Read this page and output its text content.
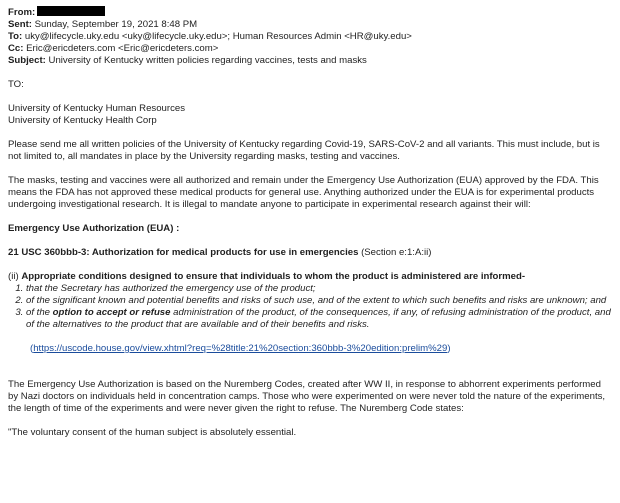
From:

Sent: Sunday, September 19, 2021 8:48 PM

To: uky@lifecycle.uky.edu <uky@lifecycle.uky.edu>; Human Resources Admin <HR@uky.edu>

Cc: Eric@ericdeters.com <Eric@ericdeters.com>

Subject: University of Kentucky written policies regarding vaccines, tests and masks

TO:

University of Kentucky Human Resources

University of Kentucky Health Corp

Please send me all written policies of the University of Kentucky regarding Covid-19, SARS-CoV-2 and all variants. This must include, but is not limited to, all mandates in place by the University regarding masks, testing and vaccines.

The masks, testing and vaccines were all authorized and remain under the Emergency Use Authorization (EUA) approved by the FDA. This means the FDA has not approved these medical products for general use. Anything authorized under the EUA is for experimental products undergoing investigational research. It is illegal to mandate anyone to participate in experimental research against their will:

Emergency Use Authorization (EUA) :

21 USC 360bbb-3: Authorization for medical products for use in emergencies (Section e:1:A:ii)

(ii) Appropriate conditions designed to ensure that individuals to whom the product is administered are informed-

1. that the Secretary has authorized the emergency use of the product;
2. of the significant known and potential benefits and risks of such use, and of the extent to which such benefits and risks are unknown; and
3. of the option to accept or refuse administration of the product, of the consequences, if any, of refusing administration of the product, and of the alternatives to the product that are available and of their benefits and risks.

(https://uscode.house.gov/view.xhtml?req=%28title:21%20section:360bbb-3%20edition:prelim%29)

The Emergency Use Authorization is based on the Nuremberg Codes, created after WW II, in response to abhorrent experiments performed by Nazi doctors on individuals held in concentration camps. Those who were experimented on were never told the nature of the experiments, the length of time of the experiments and were never given the right to refuse. The Nuremberg Code states:

"The voluntary consent of the human subject is absolutely essential.
